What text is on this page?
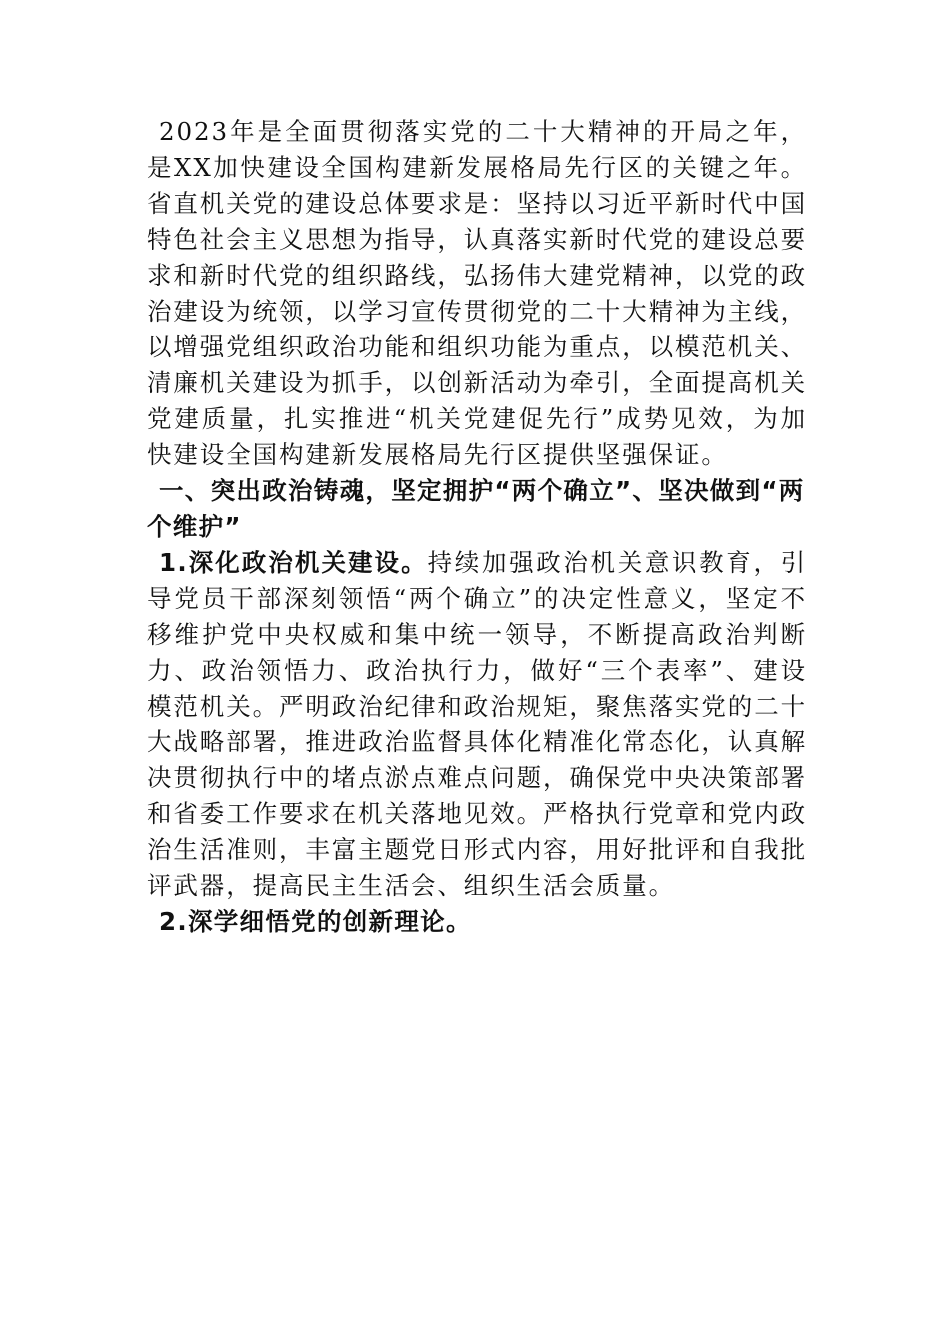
2023年是全面贯彻落实党的二十大精神的开局之年，是XX加快建设全国构建新发展格局先行区的关键之年。省直机关党的建设总体要求是：坚持以习近平新时代中国特色社会主义思想为指导，认真落实新时代党的建设总要求和新时代党的组织路线，弘扬伟大建党精神，以党的政治建设为统领，以学习宣传贯彻党的二十大精神为主线，以增强党组织政治功能和组织功能为重点，以模范机关、清廉机关建设为抓手，以创新活动为牵引，全面提高机关党建质量，扎实推进“机关党建促先行”成势见效，为加快建设全国构建新发展格局先行区提供坚强保证。

一、突出政治铸魂，坚定拥护“两个确立”、坚决做到“两个维护”

1.深化政治机关建设。持续加强政治机关意识教育，引导党员干部深刻领悟“两个确立”的决定性意义，坚定不移维护党中央权威和集中统一领导，不断提高政治判断力、政治领悟力、政治执行力，做好“三个表率”、建设模范机关。严明政治纪律和政治规矩，聚焦落实党的二十大战略部署，推进政治监督具体化精准化常态化，认真解决贯彻执行中的堵点淤点难点问题，确保党中央决策部署和省委工作要求在机关落地见效。严格执行党章和党内政治生活准则，丰富主题党日形式内容，用好批评和自我批评武器，提高民主生活会、组织生活会质量。

2.深学细悟党的创新理论。
